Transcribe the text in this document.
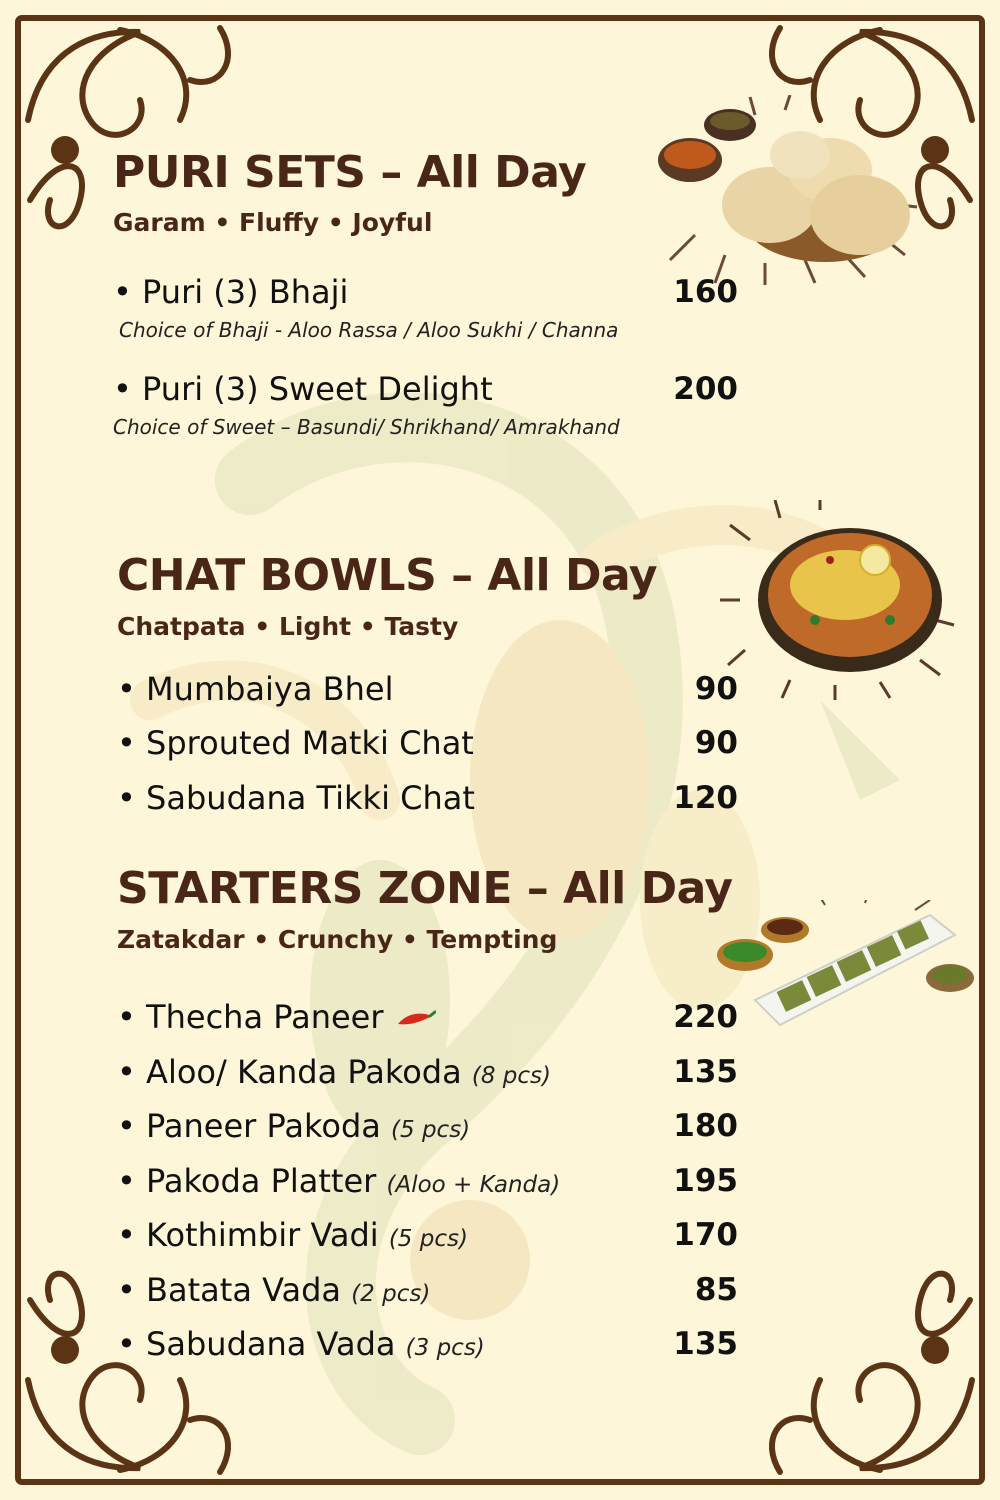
PURI SETS – All Day

Garam • Fluffy • Joyful

• Puri (3) Bhaji	160
Choice of Bhaji - Aloo Rassa / Aloo Sukhi / Channa
• Puri (3) Sweet Delight	200
Choice of Sweet – Basundi/ Shrikhand/ Amrakhand
CHAT BOWLS – All Day

Chatpata • Light • Tasty

• Mumbaiya Bhel	90
• Sprouted Matki Chat	90
• Sabudana Tikki Chat	120
STARTERS ZONE – All Day

Zatakdar • Crunchy • Tempting

• Thecha Paneer	220
• Aloo/ Kanda Pakoda (8 pcs)	135
• Paneer Pakoda (5 pcs)	180
• Pakoda Platter (Aloo + Kanda)	195
• Kothimbir Vadi (5 pcs)	170
• Batata Vada (2 pcs)	85
• Sabudana Vada (3 pcs)	135
